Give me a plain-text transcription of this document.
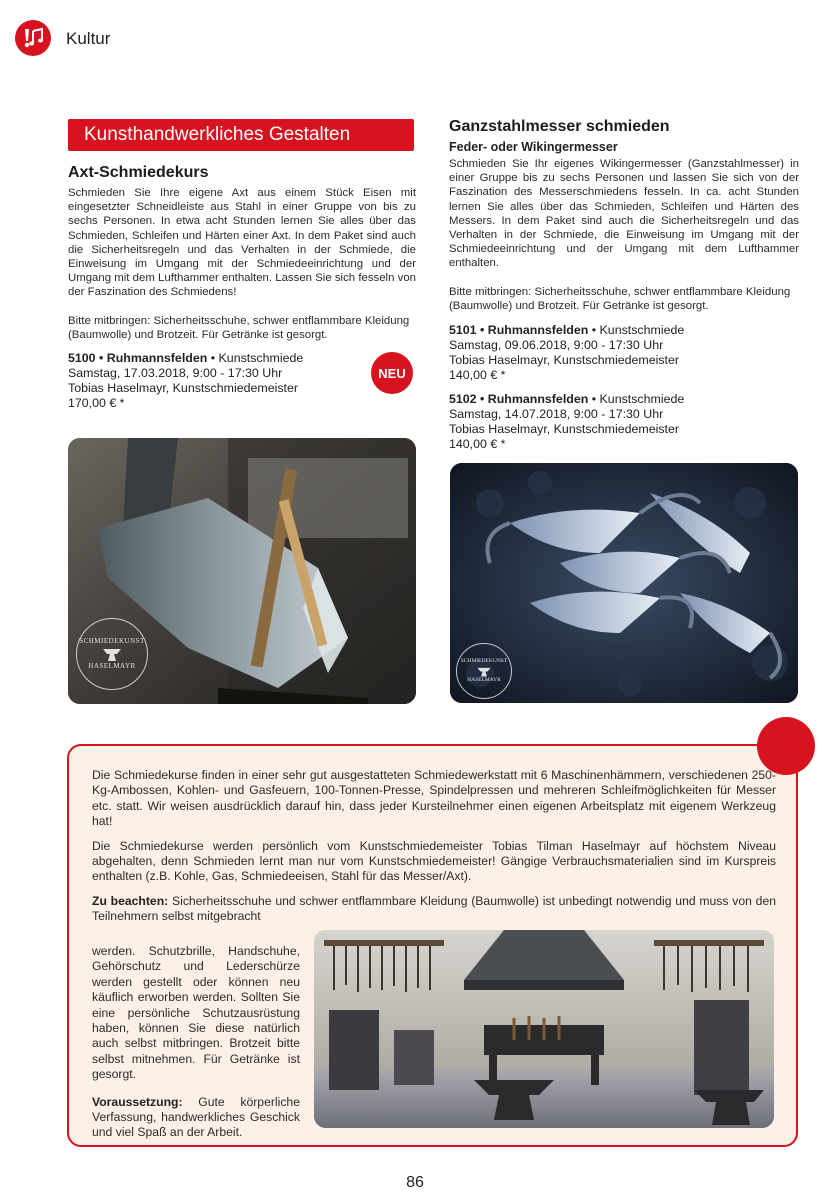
Kultur
Kunsthandwerkliches Gestalten
Axt-Schmiedekurs

Schmieden Sie Ihre eigene Axt aus einem Stück Eisen mit eingesetzter Schneidleiste aus Stahl in einer Gruppe von bis zu sechs Personen. In etwa acht Stunden lernen Sie alles über das Schmieden, Schleifen und Härten einer Axt. In dem Paket sind auch die Sicherheitsregeln und das Verhalten in der Schmiede, die Einweisung im Umgang mit der Schmiedeeinrichtung und der Umgang mit dem Lufthammer enthalten. Lassen Sie sich fesseln von der Faszination des Schmiedens!

Bitte mitbringen: Sicherheitsschuhe, schwer entflammbare Kleidung (Baumwolle) und Brotzeit. Für Getränke ist gesorgt.

5100 • Ruhmannsfelden • Kunstschmiede
Samstag, 17.03.2018, 9:00 - 17:30 Uhr
Tobias Haselmayr, Kunstschmiedemeister
170,00 € *
NEU
SCHMIEDEKUNST
HASELMAYR
Ganzstahlmesser schmieden
Feder- oder Wikingermesser

Schmieden Sie Ihr eigenes Wikingermesser (Ganzstahlmesser) in einer Gruppe bis zu sechs Personen und lassen Sie sich von der Faszination des Messerschmiedens fesseln. In ca. acht Stunden lernen Sie alles über das Schmieden, Schleifen und Härten des Messers. In dem Paket sind auch die Sicherheitsregeln und das Verhalten in der Schmiede, die Einweisung im Umgang mit der Schmiedeeinrichtung und der Umgang mit dem Lufthammer enthalten.

Bitte mitbringen: Sicherheitsschuhe, schwer entflammbare Kleidung (Baumwolle) und Brotzeit. Für Getränke ist gesorgt.

5101 • Ruhmannsfelden • Kunstschmiede
Samstag, 09.06.2018, 9:00 - 17:30 Uhr
Tobias Haselmayr, Kunstschmiedemeister
140,00 € *
5102 • Ruhmannsfelden • Kunstschmiede
Samstag, 14.07.2018, 9:00 - 17:30 Uhr
Tobias Haselmayr, Kunstschmiedemeister
140,00 € *
SCHMIEDEKUNST
HASELMAYR

Die Schmiedekurse finden in einer sehr gut ausgestatteten Schmiedewerkstatt mit 6 Maschinenhämmern, verschiedenen 250-Kg-Ambossen, Kohlen- und Gasfeuern, 100-Tonnen-Presse, Spindelpressen und mehreren Schleifmöglichkeiten für Messer etc. statt. Wir weisen ausdrücklich darauf hin, dass jeder Kursteilnehmer einen eigenen Arbeitsplatz mit eigenem Werkzeug hat!

Die Schmiedekurse werden persönlich vom Kunstschmiedemeister Tobias Tilman Haselmayr auf höchstem Niveau abgehalten, denn Schmieden lernt man nur vom Kunstschmiedemeister! Gängige Verbrauchsmaterialien sind im Kurspreis enthalten (z.B. Kohle, Gas, Schmiedeeisen, Stahl für das Messer/Axt).

Zu beachten: Sicherheitsschuhe und schwer entflammbare Kleidung (Baumwolle) ist unbedingt notwendig und muss von den Teilnehmern selbst mitgebracht

werden. Schutzbrille, Handschuhe, Gehörschutz und Lederschürze werden gestellt oder können neu käuflich erworben werden. Sollten Sie eine persönliche Schutzausrüstung haben, können Sie diese natürlich auch selbst mitbringen. Brotzeit bitte selbst mitnehmen. Für Getränke ist gesorgt.

Voraussetzung: Gute körperliche Verfassung, handwerkliches Geschick und viel Spaß an der Arbeit.

86
